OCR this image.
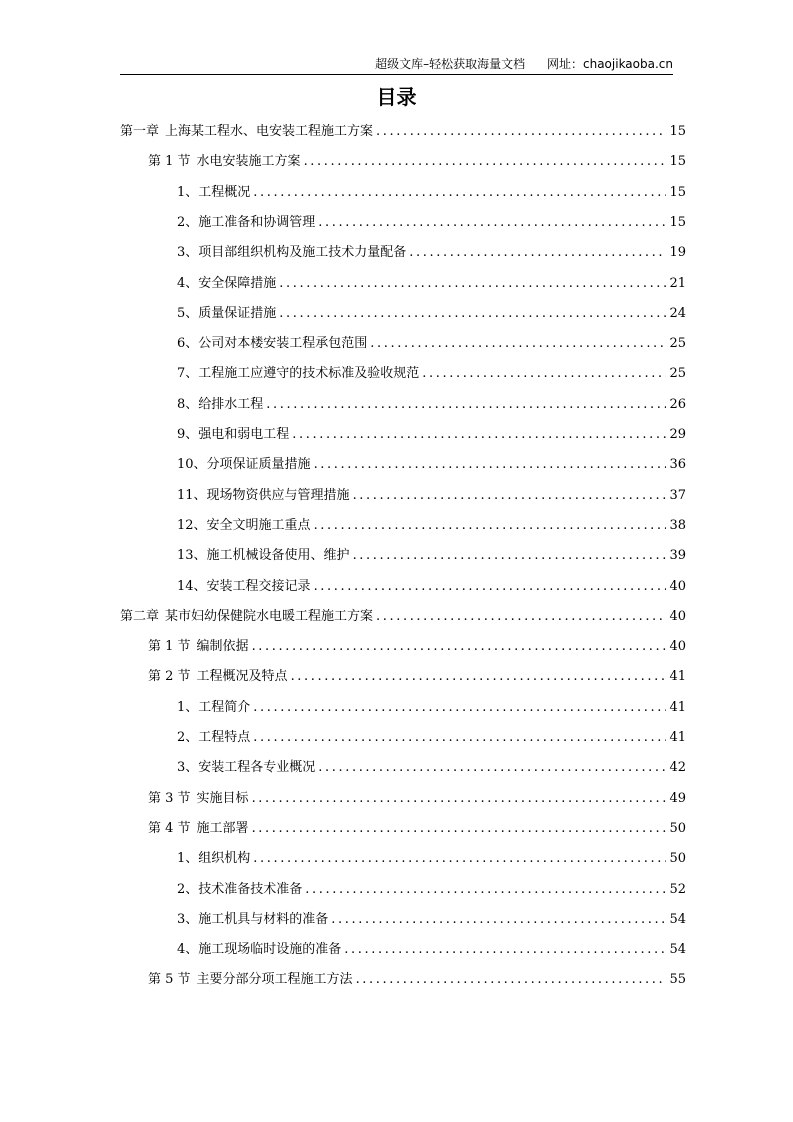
超级文库–轻松获取海量文档 网址：chaojikaoba.cn
目录
第一章 上海某工程水、电安装工程施工方案 .....	15
第 1 节 水电安装施工方案 .....	15
1、 工程概况 .....	15
2、 施工准备和协调管理 .....	15
3、 项目部组织机构及施工技术力量配备 .....	19
4、 安全保障措施 .....	21
5、 质量保证措施 .....	24
6、 公司对本楼安装工程承包范围 .....	25
7、 工程施工应遵守的技术标准及验收规范 .....	25
8、 给排水工程 .....	26
9、 强电和弱电工程 .....	29
10、 分项保证质量措施 .....	36
11、 现场物资供应与管理措施 .....	37
12、 安全文明施工重点 .....	38
13、 施工机械设备使用、维护 .....	39
14、 安装工程交接记录 .....	40
第二章 某市妇幼保健院水电暖工程施工方案 .....	40
第 1 节 编制依据 .....	40
第 2 节 工程概况及特点 .....	41
1、 工程简介 .....	41
2、 工程特点 .....	41
3、 安装工程各专业概况 .....	42
第 3 节 实施目标 .....	49
第 4 节 施工部署 .....	50
1、 组织机构 .....	50
2、 技术准备技术准备 .....	52
3、 施工机具与材料的准备 .....	54
4、 施工现场临时设施的准备 .....	54
第 5 节 主要分部分项工程施工方法 .....	55
